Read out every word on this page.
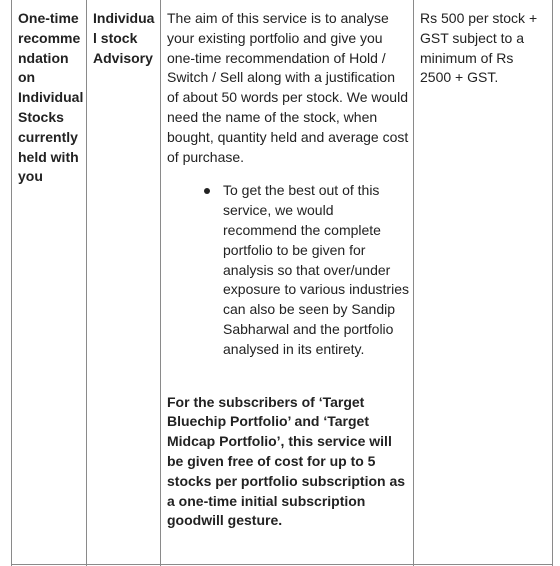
One-time
recomme
ndation
on
Individual
Stocks
currently
held with
you
Individua
l stock
Advisory

The aim of this service is to analyse your existing portfolio and give you one-time recommendation of Hold / Switch / Sell along with a justification of about 50 words per stock. We would need the name of the stock, when bought, quantity held and average cost of purchase.

To get the best out of this service, we would recommend the complete portfolio to be given for analysis so that over/under exposure to various industries can also be seen by Sandip Sabharwal and the portfolio analysed in its entirety.

For the subscribers of ‘Target Bluechip Portfolio’ and ‘Target Midcap Portfolio’, this service will be given free of cost for up to 5 stocks per portfolio subscription as a one-time initial subscription goodwill gesture.

Rs 500 per stock + GST subject to a minimum of Rs 2500 + GST.
